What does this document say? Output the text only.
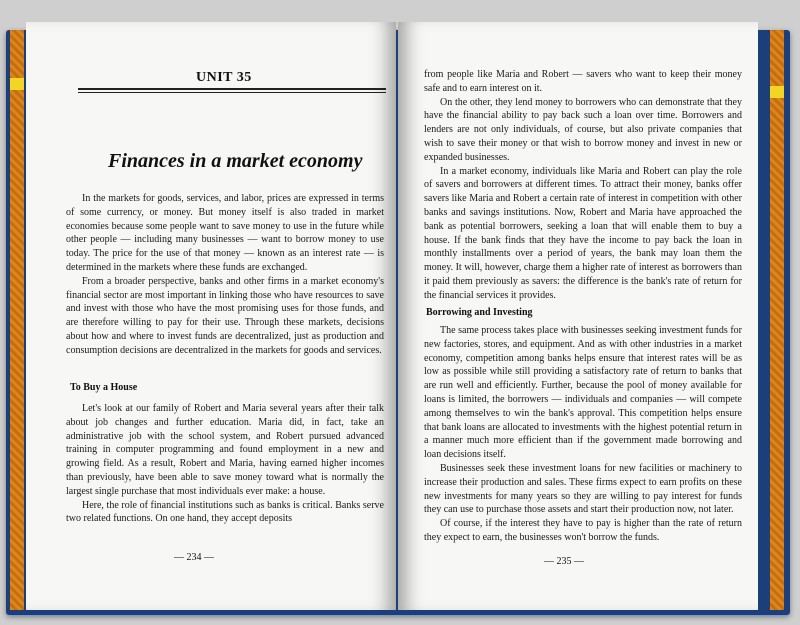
UNIT 35
Finances in a market economy

In the markets for goods, services, and labor, prices are expressed in terms of some currency, or money. But money itself is also traded in market economies because some people want to save money to use in the future while other people — including many businesses — want to borrow money to use today. The price for the use of that money — known as an interest rate — is determined in the markets where these funds are exchanged.

From a broader perspective, banks and other firms in a market economy's financial sector are most important in linking those who have resources to save and invest with those who have the most promising uses for those funds, and are therefore willing to pay for their use. Through these markets, decisions about how and where to invest funds are decentralized, just as production and consumption decisions are decentralized in the markets for goods and services.

To Buy a House

Let's look at our family of Robert and Maria several years after their talk about job changes and further education. Maria did, in fact, take an administrative job with the school system, and Robert pursued advanced training in computer programming and found employment in a new and growing field. As a result, Robert and Maria, having earned higher incomes than previously, have been able to save money toward what is normally the largest single purchase that most individuals ever make: a house.

Here, the role of financial institutions such as banks is critical. Banks serve two related functions. On one hand, they accept deposits

— 234 —

from people like Maria and Robert — savers who want to keep their money safe and to earn interest on it.

On the other, they lend money to borrowers who can demonstrate that they have the financial ability to pay back such a loan over time. Borrowers and lenders are not only individuals, of course, but also private companies that wish to save their money or that wish to borrow money and invest in new or expanded businesses.

In a market economy, individuals like Maria and Robert can play the role of savers and borrowers at different times. To attract their money, banks offer savers like Maria and Robert a certain rate of interest in competition with other banks and savings institutions. Now, Robert and Maria have approached the bank as potential borrowers, seeking a loan that will enable them to buy a house. If the bank finds that they have the income to pay back the loan in monthly installments over a period of years, the bank may loan them the money. It will, however, charge them a higher rate of interest as borrowers than it paid them previously as savers: the difference is the bank's rate of return for the financial services it provides.

Borrowing and Investing

The same process takes place with businesses seeking investment funds for new factories, stores, and equipment. And as with other industries in a market economy, competition among banks helps ensure that interest rates will be as low as possible while still providing a satisfactory rate of return to banks that are run well and efficiently. Further, because the pool of money available for loans is limited, the borrowers — individuals and companies — will compete among themselves to win the bank's approval. This competition helps ensure that bank loans are allocated to investments with the highest potential return in a manner much more efficient than if the government made borrowing and loan decisions itself.

Businesses seek these investment loans for new facilities or machinery to increase their production and sales. These firms expect to earn profits on these new investments for many years so they are willing to pay interest for funds they can use to purchase those assets and start their production now, not later.

Of course, if the interest they have to pay is higher than the rate of return they expect to earn, the businesses won't borrow the funds.

— 235 —
